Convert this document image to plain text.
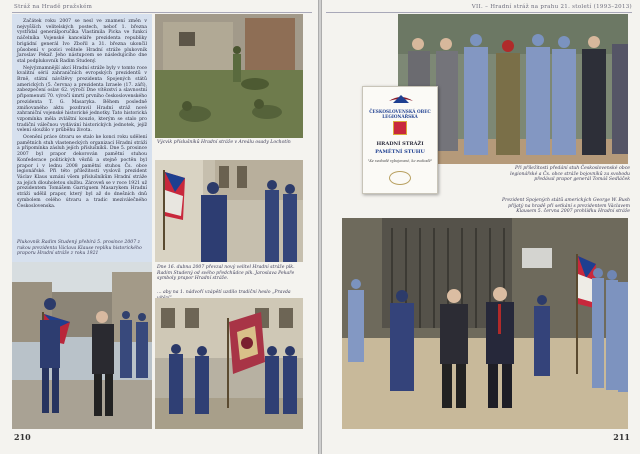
Stráž na Hradě pražském

Začátek roku 2007 se nesl ve znamení změn v nejvyšších velitelských postech, neboť 1. března vystřídal generálporučíka Vlastimila Picka ve funkci náčelníka Vojenské kanceláře prezidenta republiky brigádní generál Ivo Zbořil a 31. března ukončil působení v pozici velitele Hradní stráže plukovník Jaroslav Pekař. Jeho nástupcem se následujícího dne stal podplukovník Radim Studený.

Nejvýznamnější akcí Hradní stráže byly v tomto roce kvalitní sérií zahraničních evropských prezidentů v Brně, státní návštěvy prezidenta Spojených států amerických (5. června) a prezidenta Izraele (17. září), zabezpečení oslav 62. výročí Dne vítězství a slavnostní připomenutí 70. výročí úmrtí prvního československého prezidenta T. G. Masaryka. Během posledně zmiňovaného aktu pozdravil Hradní stráž nové zahraniční vojenské historické jednotky. Tato historická vzpomínka měla zvláštní kouzlo, kterým se stalo pro tradiční válečnou vydávání historických jednotek, jejíž velení sloužilo v průběhu života.

Ocenění práce útvaru se stalo ke konci roku udělení pamětních stuh vlasteneckých organizací Hradní stráži a připomínka zásluh jejích příslušníků. Dne 5. prosince 2007 byl prapor dekorován pamětní stuhou Konfederace politických vězňů a stejně poctěn byl prapor i v lednu 2008 pamětní stuhou Čs. obce legionářské. Při této příležitosti vyslovil prezident Václav Klaus uznání všem příslušníkům Hradní stráže za jejich dlouholetou službu. Zároveň se v roce 1921 už prezidentem Tomášem Garriguem Masarykem Hradní stráži udělil prapor, který byl až do dnešních dnů symbolem celého útvaru a tradic meziválečného Československa.

Plukovník Radim Studený přebírá 5. prosince 2007 z rukou prezidenta Václava Klause repliku historického praporu Hradní stráže z roku 1921
Výcvik příslušníků Hradní stráže v Areálu osady Lochotín
Dne 16. dubna 2007 převzal nový velitel Hradní stráže plk. Radim Studený od svého předchůdce plk. Jaroslava Pekaře symboly prapor Hradní stráže.
… aby na 1. nádvoří vzápětí uzdilo tradiční heslo „Pravda
210
VII. – Hradní stráž na prahu 21. století (1993–2013)
ČESKOSLOVENSKÁ OBEC LEGIONÁŘSKÁ
HRADNÍ STRÁŽI
PAMĚTNÍ STUHU
"Ke svobodě vybojované, ke svobodě"
Při příležitosti předání stuh Československé obce legionářské a Čs. obce stráže bojovníků za svobodu předával prapor generál Tomáš Sedláček
Prezident Spojených států amerických George W. Bush přijatý na hradě při setkání s prezidentem Václavem Klausem 5. června 2007 prohlídku Hradní stráže
211
